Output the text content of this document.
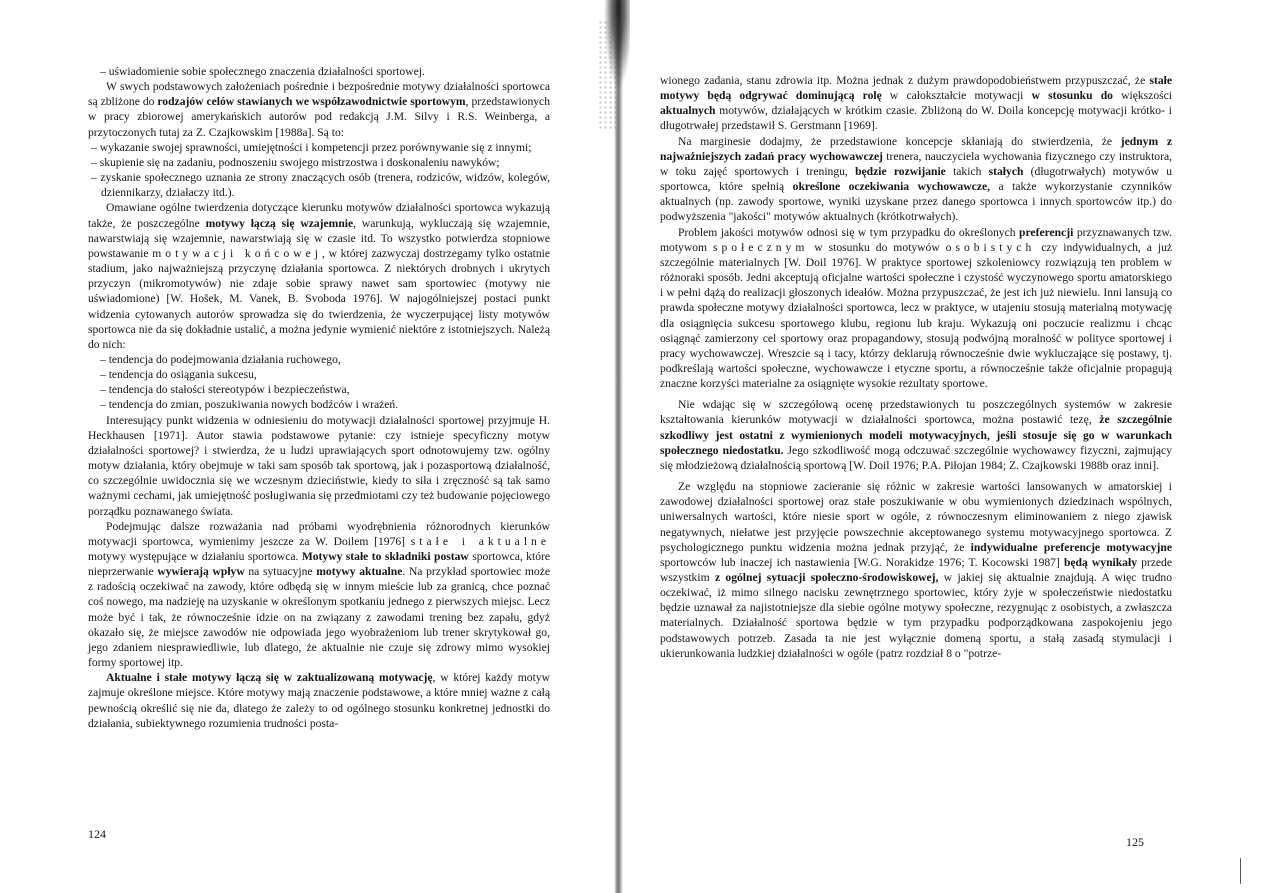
– uświadomienie sobie społecznego znaczenia działalności sportowej.

W swych podstawowych założeniach pośrednie i bezpośrednie motywy działalności sportowca są zbliżone do rodzajów celów stawianych we współzawodnictwie sportowym, przedstawionych w pracy zbiorowej amerykańskich autorów pod redakcją J.M. Silvy i R.S. Weinberga, a przytoczonych tutaj za Z. Czajkowskim [1988a]. Są to:

– wykazanie swojej sprawności, umiejętności i kompetencji przez porównywanie się z innymi;

– skupienie się na zadaniu, podnoszeniu swojego mistrzostwa i doskonaleniu nawyków;

– zyskanie społecznego uznania ze strony znaczących osób (trenera, rodziców, widzów, kolegów, dziennikarzy, działaczy itd.).

Omawiane ogólne twierdzenia dotyczące kierunku motywów działalności sportowca wykazują także, że poszczególne motywy łączą się wzajemnie, warunkują, wykluczają się wzajemnie, nawarstwiają się wzajemnie, nawarstwiają się w czasie itd. To wszystko potwierdza stopniowe powstawanie motywacji końcowej, w której zazwyczaj dostrzegamy tylko ostatnie stadium, jako najważniejszą przyczynę działania sportowca. Z niektórych drobnych i ukrytych przyczyn (mikromotywów) nie zdaje sobie sprawy nawet sam sportowiec (motywy nie uświadomione) [W. Hošek, M. Vanek, B. Svoboda 1976]. W najogólniejszej postaci punkt widzenia cytowanych autorów sprowadza się do twierdzenia, że wyczerpującej listy motywów sportowca nie da się dokładnie ustalić, a można jedynie wymienić niektóre z istotniejszych. Należą do nich:

– tendencja do podejmowania działania ruchowego,

– tendencja do osiągania sukcesu,

– tendencja do stałości stereotypów i bezpieczeństwa,

– tendencja do zmian, poszukiwania nowych bodźców i wrażeń.

Interesujący punkt widzenia w odniesieniu do motywacji działalności sportowej przyjmuje H. Heckhausen [1971]. Autor stawia podstawowe pytanie: czy istnieje specyficzny motyw działalności sportowej? i stwierdza, że u ludzi uprawiających sport odnotowujemy tzw. ogólny motyw działania, który obejmuje w taki sam sposób tak sportową, jak i pozasportową działalność, co szczególnie uwidocznia się we wczesnym dzieciństwie, kiedy to siła i zręczność są tak samo ważnymi cechami, jak umiejętność posługiwania się przedmiotami czy też budowanie pojęciowego porządku poznawanego świata.

Podejmując dalsze rozważania nad próbami wyodrębnienia różnorodnych kierunków motywacji sportowca, wymienimy jeszcze za W. Doilem [1976] stałe i aktualne motywy występujące w działaniu sportowca. Motywy stałe to składniki postaw sportowca, które nieprzerwanie wywierają wpływ na sytuacyjne motywy aktualne. Na przykład sportowiec może z radością oczekiwać na zawody, które odbędą się w innym mieście lub za granicą, chce poznać coś nowego, ma nadzieję na uzyskanie w określonym spotkaniu jednego z pierwszych miejsc. Lecz może być i tak, że równocześnie idzie on na związany z zawodami trening bez zapału, gdyż okazało się, że miejsce zawodów nie odpowiada jego wyobrażeniom lub trener skrytykował go, jego zdaniem niesprawiedliwie, lub dlatego, że aktualnie nie czuje się zdrowy mimo wysokiej formy sportowej itp.

Aktualne i stałe motywy łączą się w zaktualizowaną motywację, w której każdy motyw zajmuje określone miejsce. Które motywy mają znaczenie podstawowe, a które mniej ważne z całą pewnością określić się nie da, dlatego że zależy to od ogólnego stosunku konkretnej jednostki do działania, subiektywnego rozumienia trudności posta-

124

wionego zadania, stanu zdrowia itp. Można jednak z dużym prawdopodobieństwem przypuszczać, że stałe motywy będą odgrywać dominującą rolę w całokształcie motywacji w stosunku do większości aktualnych motywów, działających w krótkim czasie. Zbliżoną do W. Doila koncepcję motywacji krótko- i długotrwałej przedstawił S. Gerstmann [1969].

Na marginesie dodajmy, że przedstawione koncepcje skłaniają do stwierdzenia, że jednym z najważniejszych zadań pracy wychowawczej trenera, nauczyciela wychowania fizycznego czy instruktora, w toku zajęć sportowych i treningu, będzie rozwijanie takich stałych (długotrwałych) motywów u sportowca, które spełnią określone oczekiwania wychowawcze, a także wykorzystanie czynników aktualnych (np. zawody sportowe, wyniki uzyskane przez danego sportowca i innych sportowców itp.) do podwyższenia "jakości" motywów aktualnych (krótkotrwałych).

Problem jakości motywów odnosi się w tym przypadku do określonych preferencji przyznawanych tzw. motywom społecznym w stosunku do motywów osobistych czy indywidualnych, a już szczególnie materialnych [W. Doil 1976]. W praktyce sportowej szkoleniowcy rozwiązują ten problem w różnoraki sposób. Jedni akceptują oficjalne wartości społeczne i czystość wyczynowego sportu amatorskiego i w pełni dążą do realizacji głoszonych ideałów. Można przypuszczać, że jest ich już niewielu. Inni lansują co prawda społeczne motywy działalności sportowca, lecz w praktyce, w utajeniu stosują materialną motywację dla osiągnięcia sukcesu sportowego klubu, regionu lub kraju. Wykazują oni poczucie realizmu i chcąc osiągnąć zamierzony cel sportowy oraz propagandowy, stosują podwójną moralność w polityce sportowej i pracy wychowawczej. Wreszcie są i tacy, którzy deklarują równocześnie dwie wykluczające się postawy, tj. podkreślają wartości społeczne, wychowawcze i etyczne sportu, a równocześnie także oficjalnie propagują znaczne korzyści materialne za osiągnięte wysokie rezultaty sportowe.

Nie wdając się w szczegółową ocenę przedstawionych tu poszczególnych systemów w zakresie kształtowania kierunków motywacji w działalności sportowca, można postawić tezę, że szczególnie szkodliwy jest ostatni z wymienionych modeli motywacyjnych, jeśli stosuje się go w warunkach społecznego niedostatku. Jego szkodliwość mogą odczuwać szczególnie wychowawcy fizyczni, zajmujący się młodzieżową działalnością sportową [W. Doil 1976; P.A. Piłojan 1984; Z. Czajkowski 1988b oraz inni].

Ze względu na stopniowe zacieranie się różnic w zakresie wartości lansowanych w amatorskiej i zawodowej działalności sportowej oraz stałe poszukiwanie w obu wymienionych dziedzinach wspólnych, uniwersalnych wartości, które niesie sport w ogóle, z równoczesnym eliminowaniem z niego zjawisk negatywnych, niełatwe jest przyjęcie powszechnie akceptowanego systemu motywacyjnego sportowca. Z psychologicznego punktu widzenia można jednak przyjąć, że indywidualne preferencje motywacyjne sportowców lub inaczej ich nastawienia [W.G. Norakidze 1976; T. Kocowski 1987] będą wynikały przede wszystkim z ogólnej sytuacji społeczno-środowiskowej, w jakiej się aktualnie znajdują. A więc trudno oczekiwać, iż mimo silnego nacisku zewnętrznego sportowiec, który żyje w społeczeństwie niedostatku będzie uznawał za najistotniejsze dla siebie ogólne motywy społeczne, rezygnując z osobistych, a zwłaszcza materialnych. Działalność sportowa będzie w tym przypadku podporządkowana zaspokojeniu jego podstawowych potrzeb. Zasada ta nie jest wyłącznie domeną sportu, a stałą zasadą stymulacji i ukierunkowania ludzkiej działalności w ogóle (patrz rozdział 8 o "potrze-

125
